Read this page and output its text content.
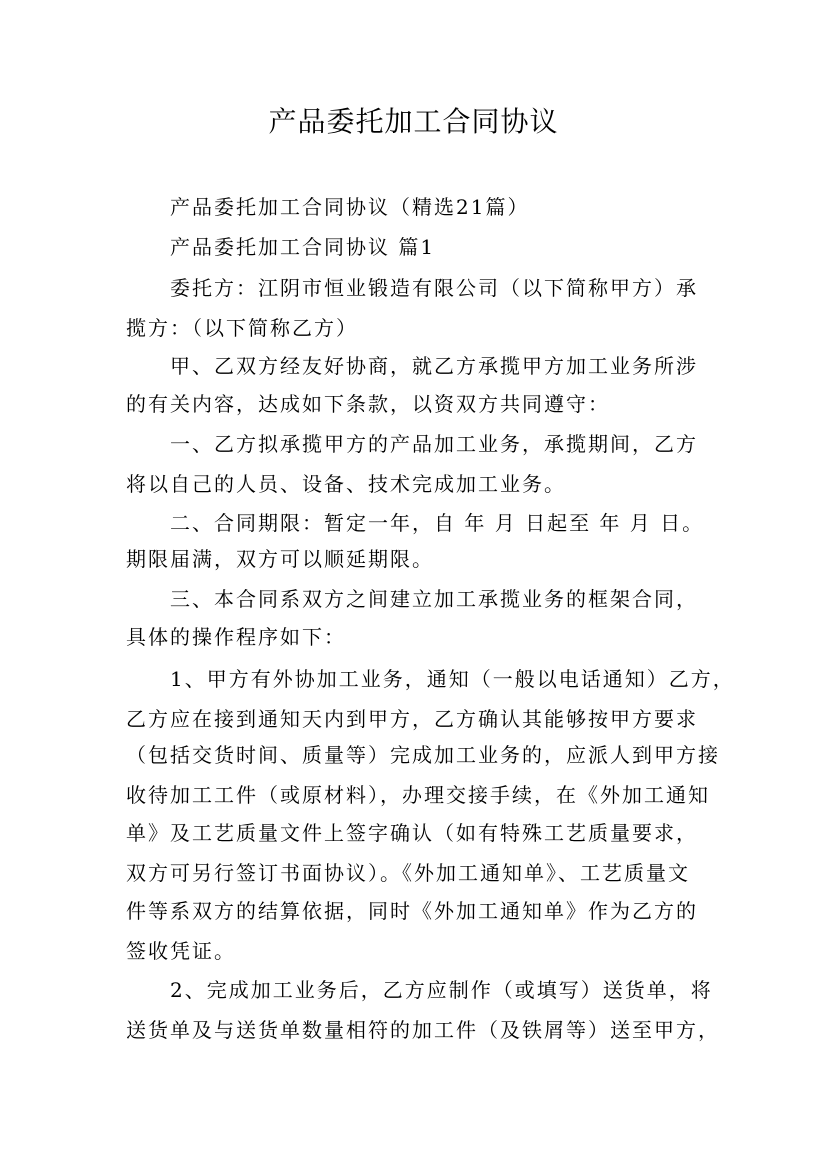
产品委托加工合同协议
　　产品委托加工合同协议（精选21篇）
　　产品委托加工合同协议 篇1
　　委托方：江阴市恒业锻造有限公司（以下简称甲方）承
揽方：（以下简称乙方）
　　甲、乙双方经友好协商，就乙方承揽甲方加工业务所涉
的有关内容，达成如下条款，以资双方共同遵守：
　　一、乙方拟承揽甲方的产品加工业务，承揽期间，乙方
将以自己的人员、设备、技术完成加工业务。
　　二、合同期限：暂定一年，自 年 月 日起至 年 月 日。
期限届满，双方可以顺延期限。
　　三、本合同系双方之间建立加工承揽业务的框架合同，
具体的操作程序如下：
　　1、甲方有外协加工业务，通知（一般以电话通知）乙方，
乙方应在接到通知天内到甲方，乙方确认其能够按甲方要求
（包括交货时间、质量等）完成加工业务的，应派人到甲方接
收待加工工件（或原材料），办理交接手续，在《外加工通知
单》及工艺质量文件上签字确认（如有特殊工艺质量要求，
双方可另行签订书面协议）。《外加工通知单》、工艺质量文
件等系双方的结算依据，同时《外加工通知单》作为乙方的
签收凭证。
　　2、完成加工业务后，乙方应制作（或填写）送货单，将
送货单及与送货单数量相符的加工件（及铁屑等）送至甲方，
